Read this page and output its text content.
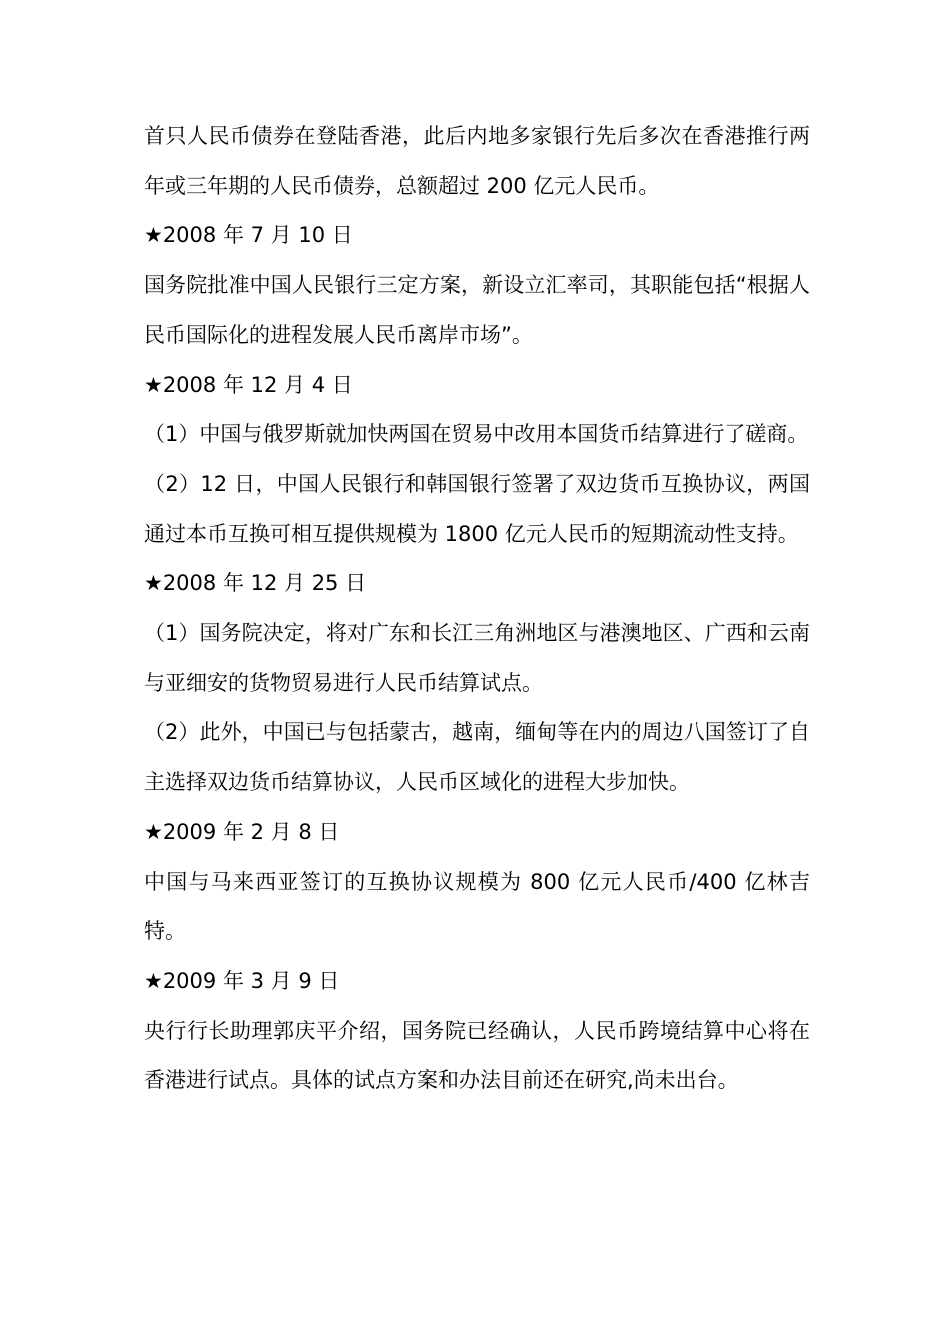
首只人民币债券在登陆香港，此后内地多家银行先后多次在香港推行两年或三年期的人民币债券，总额超过 200 亿元人民币。

★2008 年 7 月 10 日

国务院批准中国人民银行三定方案，新设立汇率司，其职能包括“根据人民币国际化的进程发展人民币离岸市场”。

★2008 年 12 月 4 日

（1）中国与俄罗斯就加快两国在贸易中改用本国货币结算进行了磋商。

（2）12 日，中国人民银行和韩国银行签署了双边货币互换协议，两国通过本币互换可相互提供规模为 1800 亿元人民币的短期流动性支持。

★2008 年 12 月 25 日

（1）国务院决定，将对广东和长江三角洲地区与港澳地区、广西和云南与亚细安的货物贸易进行人民币结算试点。

（2）此外，中国已与包括蒙古，越南，缅甸等在内的周边八国签订了自主选择双边货币结算协议，人民币区域化的进程大步加快。

★2009 年 2 月 8 日

中国与马来西亚签订的互换协议规模为 800 亿元人民币/400 亿林吉特。

★2009 年 3 月 9 日

央行行长助理郭庆平介绍，国务院已经确认，人民币跨境结算中心将在香港进行试点。具体的试点方案和办法目前还在研究,尚未出台。
